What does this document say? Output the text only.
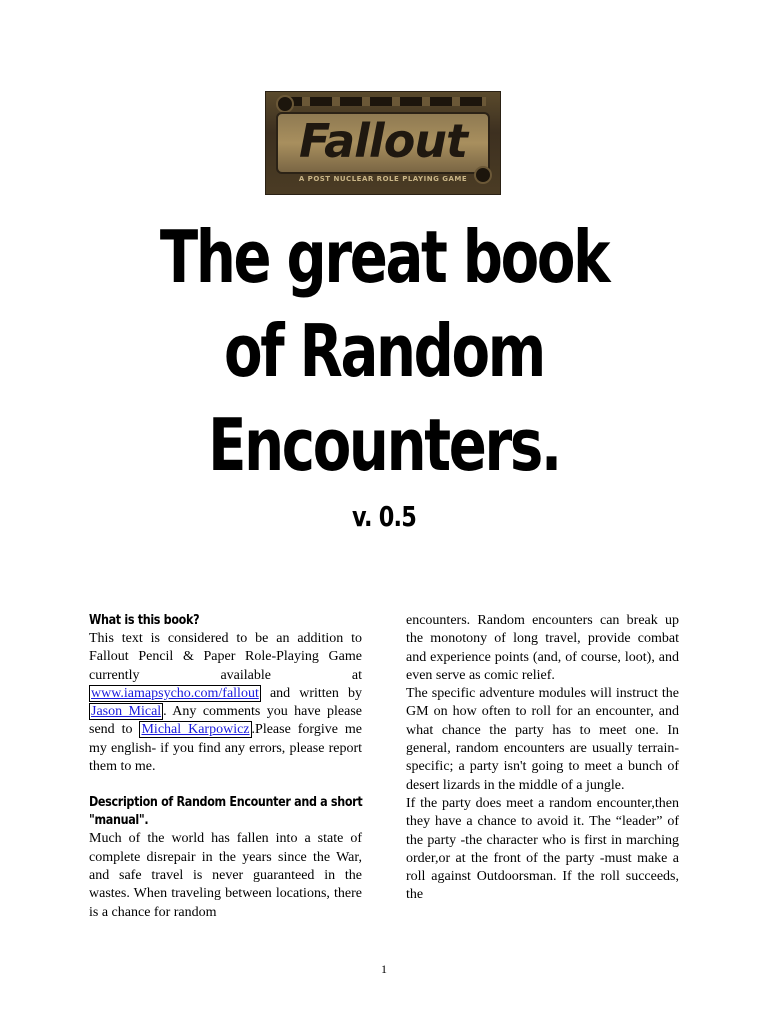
Fallout
A POST NUCLEAR ROLE PLAYING GAME
The great book
of Random
Encounters.
v. 0.5
What is this book?

This text is considered to be an addition to Fallout Pencil & Paper Role-Playing Game currently available at www.iamapsycho.com/fallout and written by Jason Mical . Any comments you have please send to Michal Karpowicz .Please forgive me my english- if you find any errors, please report them to me.

Description of Random Encounter and a short "manual".

Much of the world has fallen into a state of complete disrepair in the years since the War, and safe travel is never guaranteed in the wastes. When traveling between locations, there is a chance for random

encounters. Random encounters can break up the monotony of long travel, provide combat and experience points (and, of course, loot), and even serve as comic relief.

The specific adventure modules will instruct the GM on how often to roll for an encounter, and what chance the party has to meet one. In general, random encounters are usually terrain-specific; a party isn't going to meet a bunch of desert lizards in the middle of a jungle.

If the party does meet a random encounter,then they have a chance to avoid it. The “leader” of the party -the character who is first in marching order,or at the front of the party -must make a roll against Outdoorsman. If the roll succeeds, the

1
